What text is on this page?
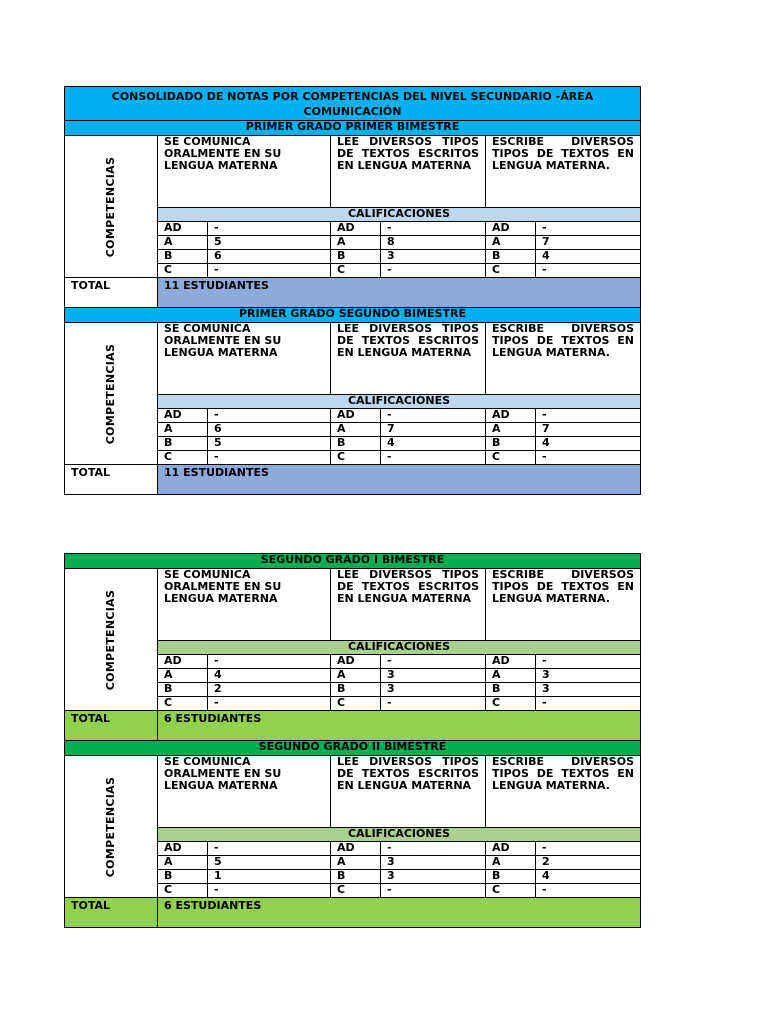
CONSOLIDADO DE NOTAS POR COMPETENCIAS DEL NIVEL SECUNDARIO -ÁREA COMUNICACIÓN
PRIMER GRADO PRIMER BIMESTRE
COMPETENCIAS
SE COMUNICA ORALMENTE EN SU LENGUA MATERNA
LEE DIVERSOS TIPOS DE TEXTOS ESCRITOS EN LENGUA MATERNA
ESCRIBE DIVERSOS TIPOS DE TEXTOS EN LENGUA MATERNA.
CALIFICACIONES
AD	-	AD	-	AD	-
A	5	A	8	A	7
B	6	B	3	B	4
C	-	C	-	C	-
TOTAL	11 ESTUDIANTES
PRIMER GRADO SEGUNDO BIMESTRE
COMPETENCIAS
SE COMUNICA ORALMENTE EN SU LENGUA MATERNA
LEE DIVERSOS TIPOS DE TEXTOS ESCRITOS EN LENGUA MATERNA
ESCRIBE DIVERSOS TIPOS DE TEXTOS EN LENGUA MATERNA.
CALIFICACIONES
AD	-	AD	-	AD	-
A	6	A	7	A	7
B	5	B	4	B	4
C	-	C	-	C	-
TOTAL	11 ESTUDIANTES
SEGUNDO GRADO I BIMESTRE
COMPETENCIAS
SE COMUNICA ORALMENTE EN SU LENGUA MATERNA
LEE DIVERSOS TIPOS DE TEXTOS ESCRITOS EN LENGUA MATERNA
ESCRIBE DIVERSOS TIPOS DE TEXTOS EN LENGUA MATERNA.
CALIFICACIONES
AD	-	AD	-	AD	-
A	4	A	3	A	3
B	2	B	3	B	3
C	-	C	-	C	-
TOTAL	6 ESTUDIANTES
SEGUNDO GRADO II BIMESTRE
COMPETENCIAS
SE COMUNICA ORALMENTE EN SU LENGUA MATERNA
LEE DIVERSOS TIPOS DE TEXTOS ESCRITOS EN LENGUA MATERNA
ESCRIBE DIVERSOS TIPOS DE TEXTOS EN LENGUA MATERNA.
CALIFICACIONES
AD	-	AD	-	AD	-
A	5	A	3	A	2
B	1	B	3	B	4
C	-	C	-	C	-
TOTAL	6 ESTUDIANTES
